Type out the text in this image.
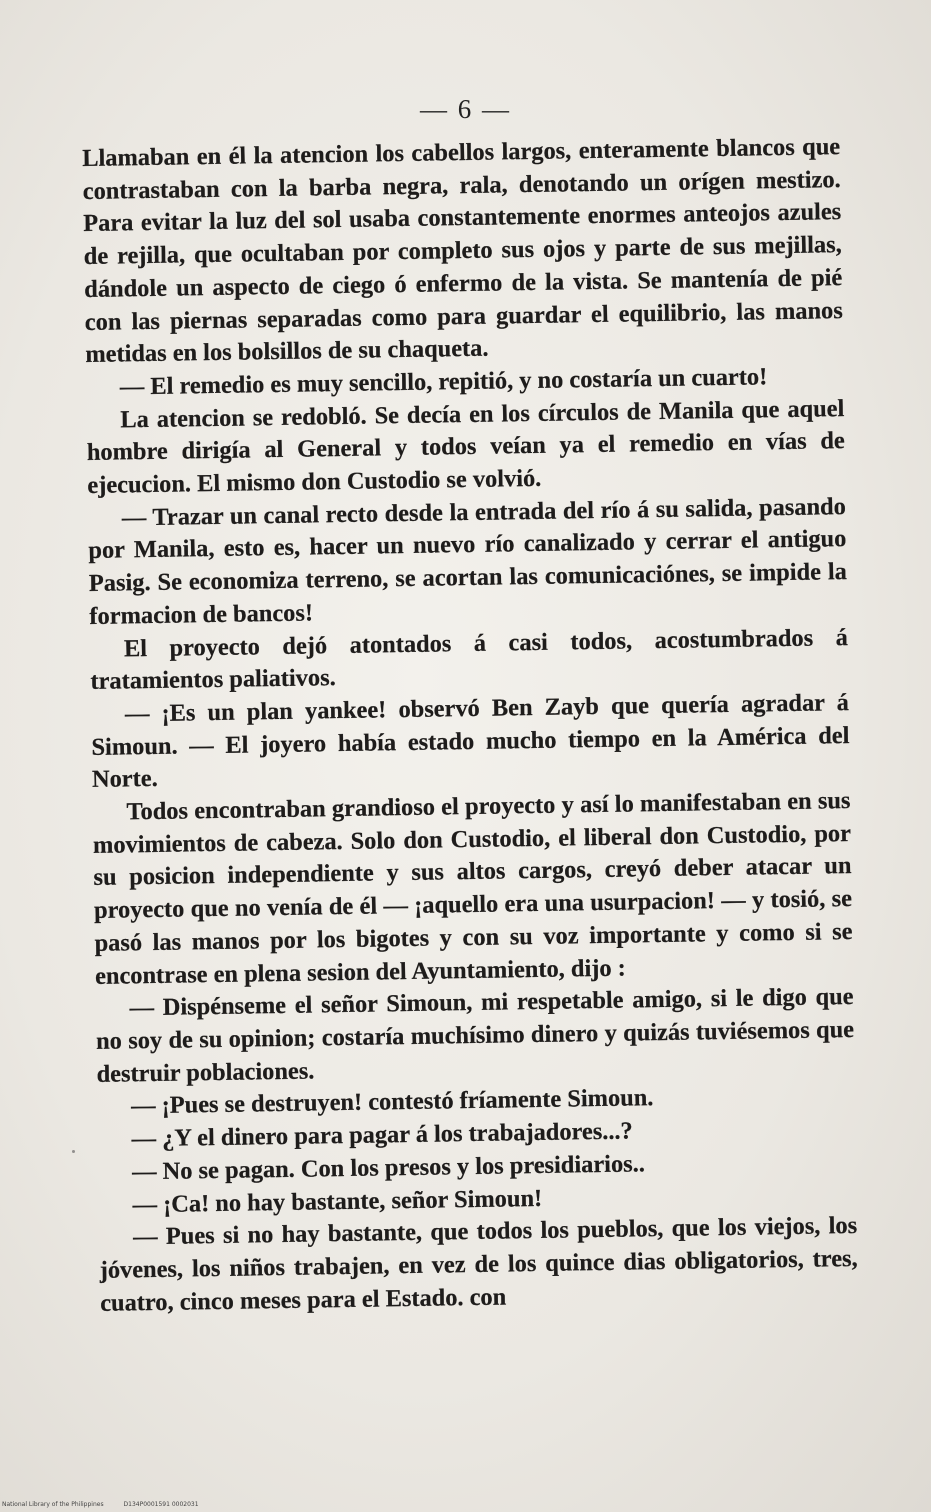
— 6 —

Llamaban en él la atencion los cabellos largos, enteramente blancos que contrastaban con la barba negra, rala, denotando un orígen mestizo. Para evitar la luz del sol usaba constantemente enormes anteojos azules de rejilla, que ocultaban por completo sus ojos y parte de sus mejillas, dándole un aspecto de ciego ó enfermo de la vista. Se mantenía de pié con las piernas separadas como para guardar el equilibrio, las manos metidas en los bolsillos de su chaqueta.

— El remedio es muy sencillo, repitió, y no costaría un cuarto!

La atencion se redobló. Se decía en los círculos de Manila que aquel hombre dirigía al General y todos veían ya el remedio en vías de ejecucion. El mismo don Custodio se volvió.

— Trazar un canal recto desde la entrada del río á su salida, pasando por Manila, esto es, hacer un nuevo río canalizado y cerrar el antiguo Pasig. Se economiza terreno, se acortan las comunicaciónes, se impide la formacion de bancos!

El proyecto dejó atontados á casi todos, acostumbrados á tratamientos paliativos.

— ¡Es un plan yankee! observó Ben Zayb que quería agradar á Simoun. — El joyero había estado mucho tiempo en la América del Norte.

Todos encontraban grandioso el proyecto y así lo manifestaban en sus movimientos de cabeza. Solo don Custodio, el liberal don Custodio, por su posicion independiente y sus altos cargos, creyó deber atacar un proyecto que no venía de él — ¡aquello era una usurpacion! — y tosió, se pasó las manos por los bigotes y con su voz importante y como si se encontrase en plena sesion del Ayuntamiento, dijo :

— Dispénseme el señor Simoun, mi respetable amigo, si le digo que no soy de su opinion; costaría muchísimo dinero y quizás tuviésemos que destruir poblaciones.

— ¡Pues se destruyen! contestó fríamente Simoun.

— ¿Y el dinero para pagar á los trabajadores...?

— No se pagan. Con los presos y los presidiarios..

— ¡Ca! no hay bastante, señor Simoun!

— Pues si no hay bastante, que todos los pueblos, que los viejos, los jóvenes, los niños trabajen, en vez de los quince dias obligatorios, tres, cuatro, cinco meses para el Estado. con

National Library of the Philippines	D134P0001591 0002031
